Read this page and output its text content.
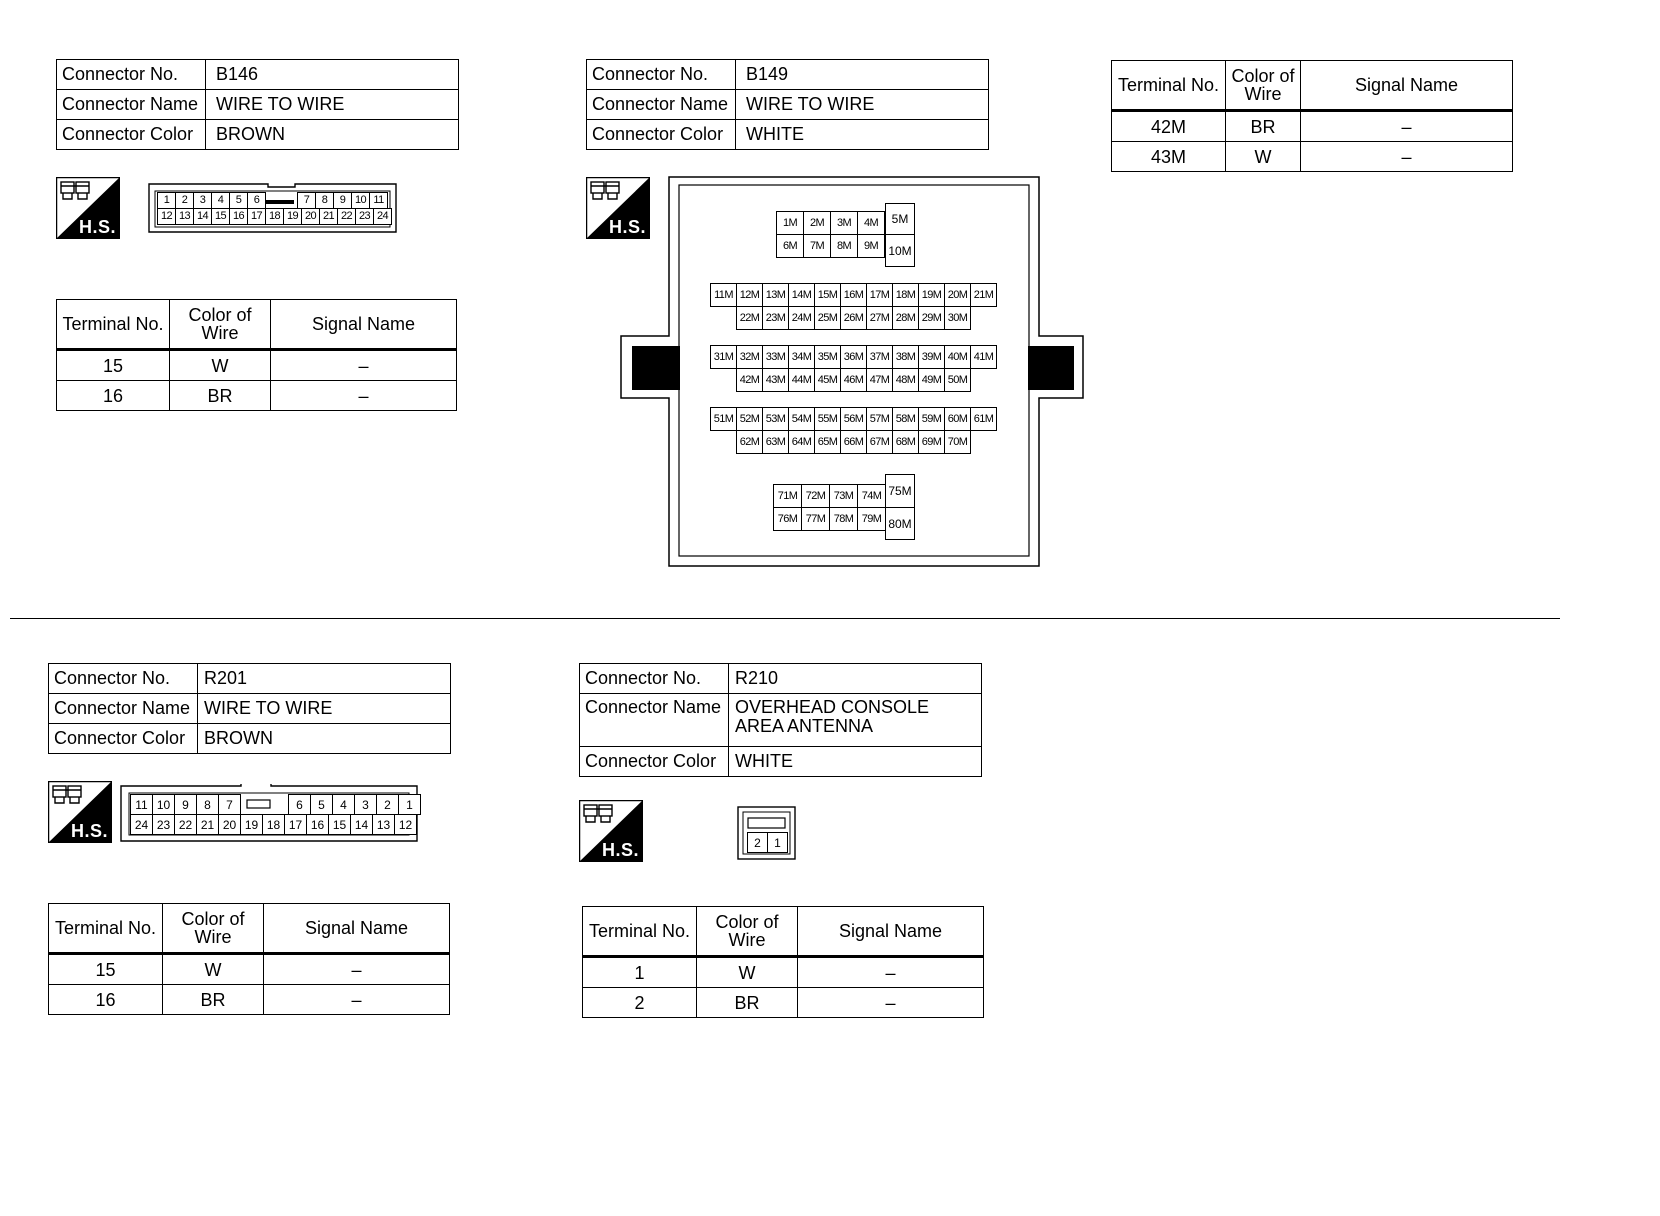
Connector No.	B146
Connector Name	WIRE TO WIRE
Connector Color	BROWN
H.S.
1	2	3	4	5	6	7	8	9 10 11
12 13 14 15 16 17 18 19 20 21 22 23 24
Terminal No.	Color of Wire	Signal Name
15	W	–
16	BR	–
Connector No.	B149
Connector Name	WIRE TO WIRE
Connector Color	WHITE
H.S.	1M	2M	3M	4M
6M	7M	8M	9M
5M
10M
11M 12M 13M 14M 15M 16M 17M 18M 19M 20M 21M
22M 23M 24M 25M 26M 27M 28M 29M 30M
31M 32M 33M 34M 35M 36M 37M 38M 39M 40M 41M
42M 43M 44M 45M 46M 47M 48M 49M 50M
51M 52M 53M 54M 55M 56M 57M 58M 59M 60M 61M
62M 63M 64M 65M 66M 67M 68M 69M 70M
71M 72M 73M 74M
76M 77M 78M 79M
75M
80M
Terminal No.	Color of Wire	Signal Name
42M	BR	–
43M	W	–
Connector No.	R201
Connector Name	WIRE TO WIRE
Connector Color	BROWN
H.S.
11 10 9	8	7	6	5	4	3	2	1
24 23 22 21 20 19 18 17 16 15 14 13 12
Terminal No.	Color of Wire	Signal Name
15	W	–
16	BR	–
Connector No.	R210
Connector Name	OVERHEAD CONSOLE AREA ANTENNA
Connector Color	WHITE
H.S.	2	1
Terminal No.	Color of Wire	Signal Name
1	W	–
2	BR	–
